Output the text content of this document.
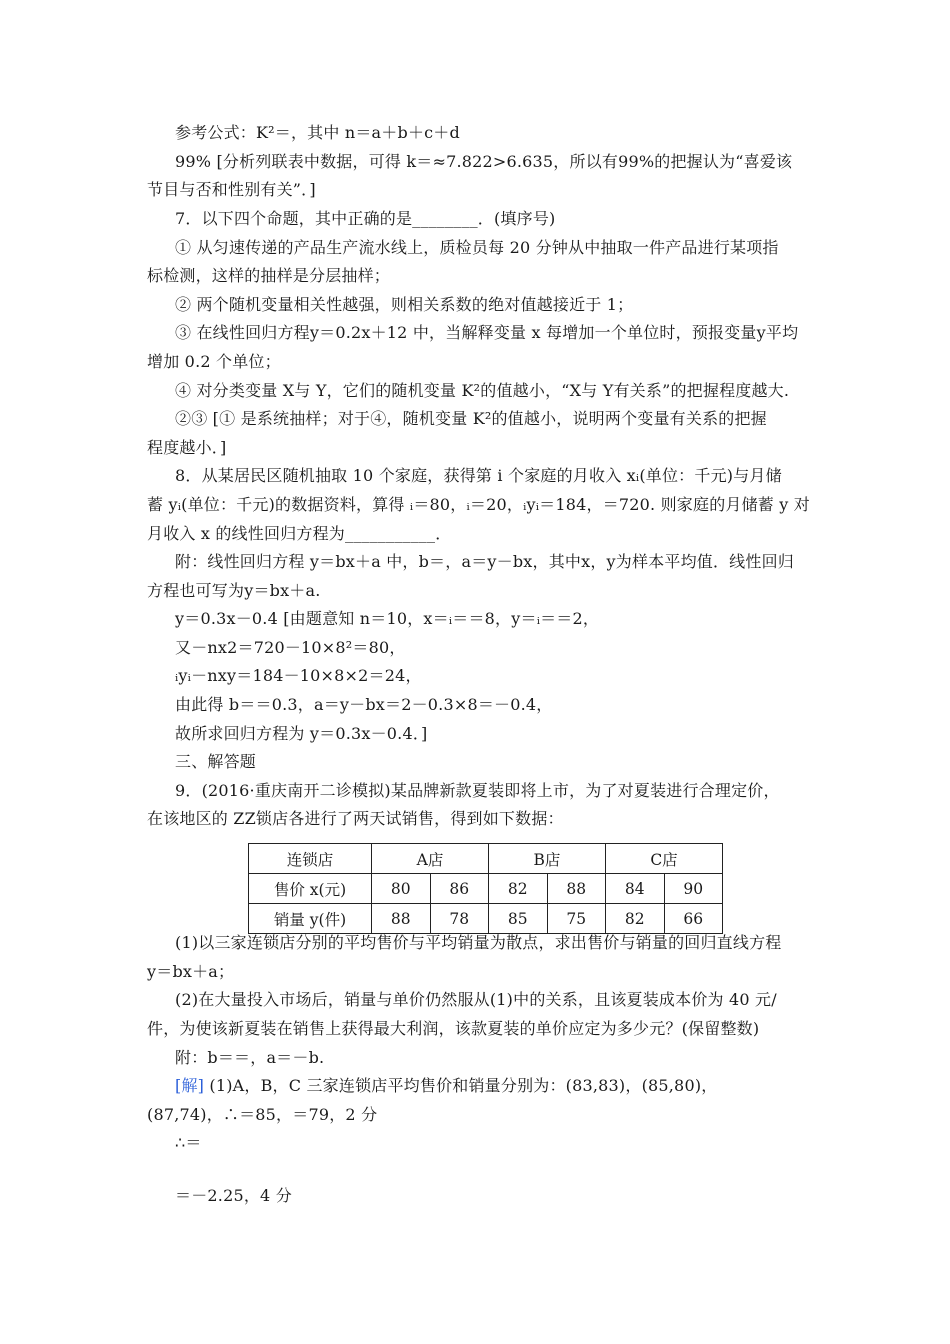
参考公式：K²＝，其中 n＝a＋b＋c＋d
99% [分析列联表中数据，可得 k＝≈7.822>6.635，所以有99%的把握认为“喜爱该
节目与否和性别有关”．]
7．以下四个命题，其中正确的是________．(填序号)
① 从匀速传递的产品生产流水线上，质检员每 20 分钟从中抽取一件产品进行某项指
标检测，这样的抽样是分层抽样；
② 两个随机变量相关性越强，则相关系数的绝对值越接近于 1；
③ 在线性回归方程y＝0.2x＋12 中，当解释变量 x 每增加一个单位时，预报变量y平均
增加 0.2 个单位；
④ 对分类变量 X与 Y，它们的随机变量 K²的值越小，“X与 Y有关系”的把握程度越大.
②③ [① 是系统抽样；对于④，随机变量 K²的值越小，说明两个变量有关系的把握
程度越小．]
8．从某居民区随机抽取 10 个家庭，获得第 i 个家庭的月收入 xᵢ(单位：千元)与月储
蓄 yᵢ(单位：千元)的数据资料，算得 ᵢ＝80，ᵢ＝20，ᵢyᵢ＝184，＝720. 则家庭的月储蓄 y 对
月收入 x 的线性回归方程为___________．
附：线性回归方程 y＝bx＋a 中，b＝，a＝y－bx，其中x，y为样本平均值．线性回归
方程也可写为y＝bx＋a.
y＝0.3x－0.4 [由题意知 n＝10，x＝ᵢ＝＝8，y＝ᵢ＝＝2，
又－nx2＝720－10×8²＝80，
ᵢyᵢ－nxy＝184－10×8×2＝24，
由此得 b＝＝0.3，a＝y－bx＝2－0.3×8＝－0.4，
故所求回归方程为 y＝0.3x－0.4．]
三、解答题
9．(2016·重庆南开二诊模拟)某品牌新款夏装即将上市，为了对夏装进行合理定价，
在该地区的 ZZ锁店各进行了两天试销售，得到如下数据：
连锁店	A店		B店		C店	
售价 x(元)	80	86	82	88	84	90
销量 y(件)	88	78	85	75	82	66
(1)以三家连锁店分别的平均售价与平均销量为散点，求出售价与销量的回归直线方程
y＝bx＋a；
(2)在大量投入市场后，销量与单价仍然服从(1)中的关系，且该夏装成本价为 40 元/
件，为使该新夏装在销售上获得最大利润，该款夏装的单价应定为多少元？(保留整数)
附：b＝＝，a＝－b.
[解] (1)A，B，C 三家连锁店平均售价和销量分别为：(83,83)，(85,80)，
(87,74)，∴＝85，＝79，2 分
∴＝
＝－2.25，4 分
